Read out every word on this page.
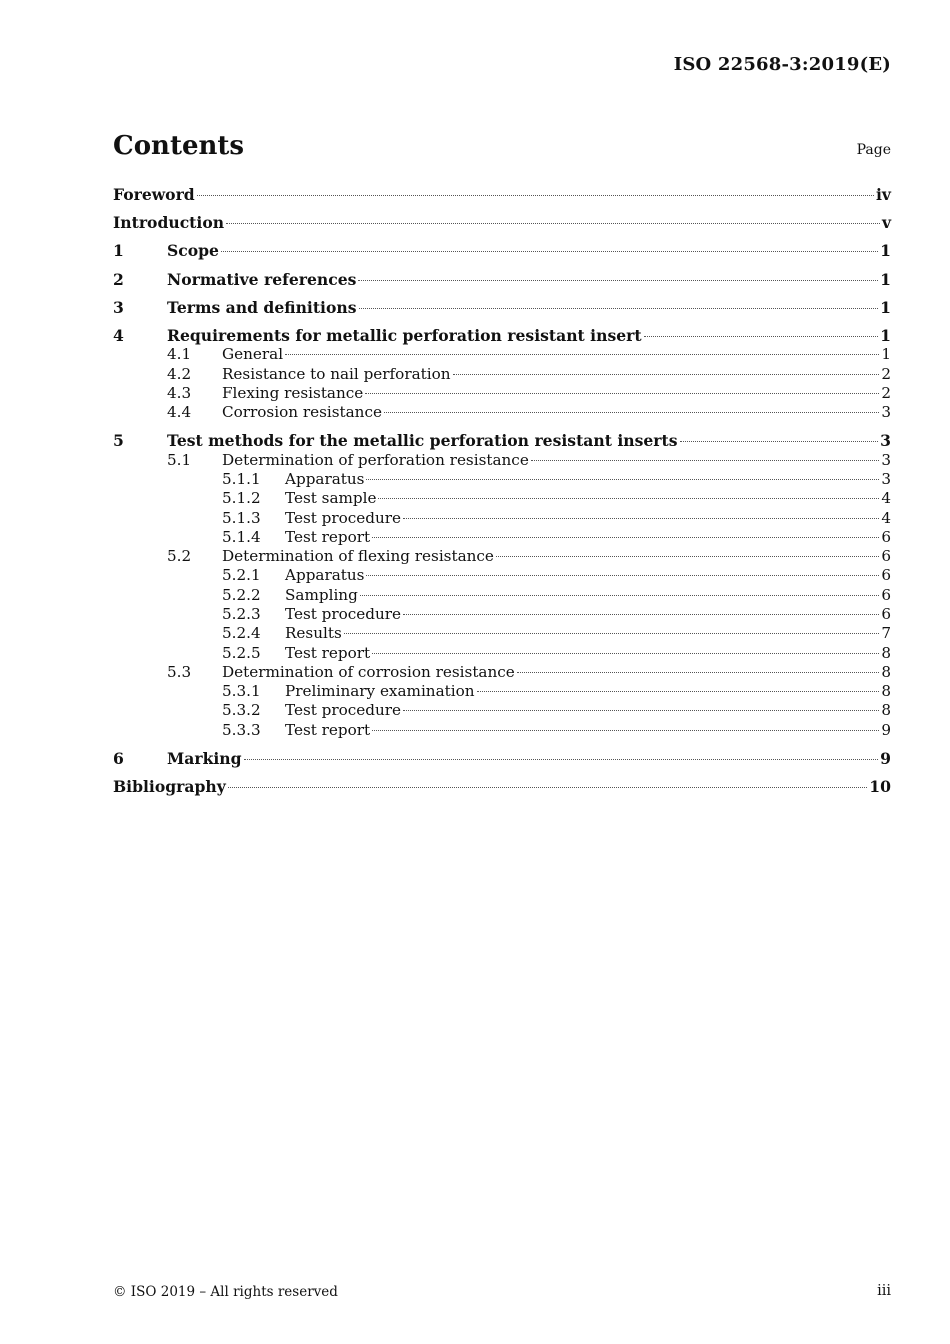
ISO 22568-3:2019(E)
Contents	Page
Foreword	iv
Introduction	v
1	Scope	1
2	Normative references	1
3	Terms and definitions	1
4	Requirements for metallic perforation resistant insert	1
4.1	General	1
4.2	Resistance to nail perforation	2
4.3	Flexing resistance	2
4.4	Corrosion resistance	3
5	Test methods for the metallic perforation resistant inserts	3
5.1	Determination of perforation resistance	3
5.1.1	Apparatus	3
5.1.2	Test sample	4
5.1.3	Test procedure	4
5.1.4	Test report	6
5.2	Determination of flexing resistance	6
5.2.1	Apparatus	6
5.2.2	Sampling	6
5.2.3	Test procedure	6
5.2.4	Results	7
5.2.5	Test report	8
5.3	Determination of corrosion resistance	8
5.3.1	Preliminary examination	8
5.3.2	Test procedure	8
5.3.3	Test report	9
6	Marking	9
Bibliography	10
© ISO 2019 – All rights reserved	iii
